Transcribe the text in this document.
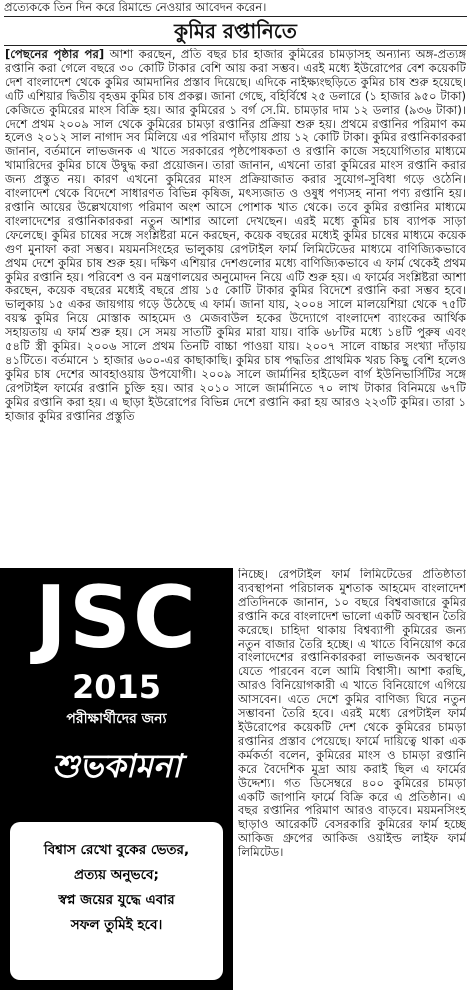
প্রত্যেককে তিন দিন করে রিমান্ডে নেওয়ার আবেদন করেন।
কুমির রপ্তানিতে
[পেছনের পৃষ্ঠার পর] আশা করছেন, প্রতি বছর চার হাজার কুমিরের চামড়াসহ অন্যান্য অঙ্গ-প্রত্যঙ্গ রপ্তানি করা গেলে বছরে ৩০ কোটি টাকার বেশি আয় করা সম্ভব। এরই মধ্যে ইউরোপের বেশ কয়েকটি দেশ বাংলাদেশ থেকে কুমির আমদানির প্রস্তাব দিয়েছে। এদিকে নাইক্ষ্যংছড়িতে কুমির চাষ শুরু হয়েছে। এটি এশিয়ার দ্বিতীয় বৃহত্তম কুমির চাষ প্রকল্প। জানা গেছে, বহির্বিশ্বে ২৫ ডলারে (১ হাজার ৯৫০ টাকা) কেজিতে কুমিরের মাংস বিক্রি হয়। আর কুমিরের ১ বর্গ সে.মি. চামড়ার দাম ১২ ডলার (৯৩৬ টাকা)। দেশে প্রথম ২০০৯ সাল থেকে কুমিরের চামড়া রপ্তানির প্রক্রিয়া শুরু হয়। প্রথমে রপ্তানির পরিমাণ কম হলেও ২০১২ সাল নাগাদ সব মিলিয়ে এর পরিমাণ দাঁড়ায় প্রায় ১২ কোটি টাকা। কুমির রপ্তানিকারকরা জানান, বর্তমানে লাভজনক এ খাতে সরকারের পৃষ্ঠপোষকতা ও রপ্তানি কাজে সহযোগিতার মাধ্যমে খামারিদের কুমির চাষে উদ্বুদ্ধ করা প্রয়োজন। তারা জানান, এখনো তারা কুমিরের মাংস রপ্তানি করার জন্য প্রস্তুত নয়। কারণ এখনো কুমিরের মাংস প্রক্রিয়াজাত করার সুযোগ-সুবিধা গড়ে ওঠেনি। বাংলাদেশ থেকে বিদেশে সাধারণত বিভিন্ন কৃষিজ, মৎস্যজাত ও ওষুধ পণ্যসহ নানা পণ্য রপ্তানি হয়। রপ্তানি আয়ের উল্লেখযোগ্য পরিমাণ অংশ আসে পোশাক খাত থেকে। তবে কুমির রপ্তানির মাধ্যমে বাংলাদেশের রপ্তানিকারকরা নতুন আশার আলো দেখছেন। এরই মধ্যে কুমির চাষ ব্যাপক সাড়া ফেলেছে। কুমির চাষের সঙ্গে সংশ্লিষ্টরা মনে করছেন, কয়েক বছরের মধ্যেই কুমির চাষের মাধ্যমে কয়েক গুণ মুনাফা করা সম্ভব। ময়মনসিংহের ভালুকায় রেপটাইল ফার্ম লিমিটেডের মাধ্যমে বাণিজ্যিকভাবে প্রথম দেশে কুমির চাষ শুরু হয়। দক্ষিণ এশিয়ার দেশগুলোর মধ্যে বাণিজ্যিকভাবে এ ফার্ম থেকেই প্রথম কুমির রপ্তানি হয়। পরিবেশ ও বন মন্ত্রণালয়ের অনুমোদন নিয়ে এটি শুরু হয়। এ ফার্মের সংশ্লিষ্টরা আশা করছেন, কয়েক বছরের মধ্যেই বছরে প্রায় ১৫ কোটি টাকার কুমির বিদেশে রপ্তানি করা সম্ভব হবে। ভালুকায় ১৫ একর জায়গায় গড়ে উঠেছে এ ফার্ম। জানা যায়, ২০০৪ সালে মালয়েশিয়া থেকে ৭৫টি বয়স্ক কুমির নিয়ে মোস্তাক আহমেদ ও মেজবাউল হকের উদ্যোগে বাংলাদেশ ব্যাংকের আর্থিক সহায়তায় এ ফার্ম শুরু হয়। সে সময় সাতটি কুমির মারা যায়। বাকি ৬৮টির মধ্যে ১৪টি পুরুষ এবং ৫৪টি স্ত্রী কুমির। ২০০৬ সালে প্রথম তিনটি বাচ্চা পাওয়া যায়। ২০০৭ সালে বাচ্চার সংখ্যা দাঁড়ায় ৪১টিতে। বর্তমানে ১ হাজার ৬০০-এর কাছাকাছি। কুমির চাষ পদ্ধতির প্রাথমিক খরচ কিছু বেশি হলেও কুমির চাষ দেশের আবহাওয়ায় উপযোগী। ২০০৯ সালে জার্মানির হাইডেল বার্গ ইউনিভার্সিটির সঙ্গে রেপটাইল ফার্মের রপ্তানি চুক্তি হয়। আর ২০১০ সালে জার্মানিতে ৭০ লাখ টাকার বিনিময়ে ৬৭টি কুমির রপ্তানি করা হয়। এ ছাড়া ইউরোপের বিভিন্ন দেশে রপ্তানি করা হয় আরও ২২৩টি কুমির। তারা ১ হাজার কুমির রপ্তানির প্রস্তুতি
JSC
2015
পরীক্ষার্থীদের জন্য
শুভকামনা
বিশ্বাস রেখো বুকের ভেতর,
প্রত্যয় অনুভবে;
স্বপ্ন জয়ের যুদ্ধে এবার
সফল তুমিই হবে।
নিচ্ছে। রেপটাইল ফার্ম লিমিটেডের প্রতিষ্ঠাতা ব্যবস্থাপনা পরিচালক মুশতাক আহমেদ বাংলাদেশ প্রতিদিনকে জানান, ১০ বছরে বিশ্ববাজারে কুমির রপ্তানি করে বাংলাদেশ ভালো একটি অবস্থান তৈরি করেছে। চাহিদা থাকায় বিশ্বব্যাপী কুমিরের জন্য নতুন বাজার তৈরি হচ্ছে। এ খাতে বিনিয়োগ করে বাংলাদেশের রপ্তানিকারকরা লাভজনক অবস্থানে যেতে পারবেন বলে আমি বিশ্বাসী। আশা করছি, আরও বিনিয়োগকারী এ খাতে বিনিয়োগে এগিয়ে আসবেন। এতে দেশে কুমির বাণিজ্য ঘিরে নতুন সম্ভাবনা তৈরি হবে। এরই মধ্যে রেপটাইল ফার্ম ইউরোপের কয়েকটি দেশ থেকে কুমিরের চামড়া রপ্তানির প্রস্তাব পেয়েছে। ফার্মে দায়িত্বে থাকা এক কর্মকর্তা বলেন, কুমিরের মাংস ও চামড়া রপ্তানি করে বৈদেশিক মুদ্রা আয় করাই ছিল এ ফার্মের উদ্দেশ্য। গত ডিসেম্বরে ৪০০ কুমিরের চামড়া একটি জাপানি ফার্মে বিক্রি করে এ প্রতিষ্ঠান। এ বছর রপ্তানির পরিমাণ আরও বাড়বে। ময়মনসিংহ ছাড়াও আরেকটি বেসরকারি কুমিরের ফার্ম হচ্ছে আকিজ গ্রুপের আকিজ ওয়াইল্ড লাইফ ফার্ম লিমিটেড।
